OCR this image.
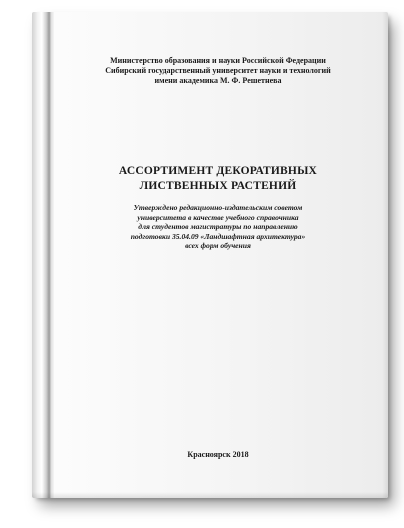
Министерство образования и науки Российской Федерации
Сибирский государственный университет науки и технологий
имени академика М. Ф. Решетнева
АССОРТИМЕНТ ДЕКОРАТИВНЫХ
ЛИСТВЕННЫХ РАСТЕНИЙ
Утверждено редакционно-издательским советом
университета в качестве учебного справочника
для студентов магистратуры по направлению
подготовки 35.04.09 «Ландшафтная архитектура»
всех форм обучения
Красноярск 2018
